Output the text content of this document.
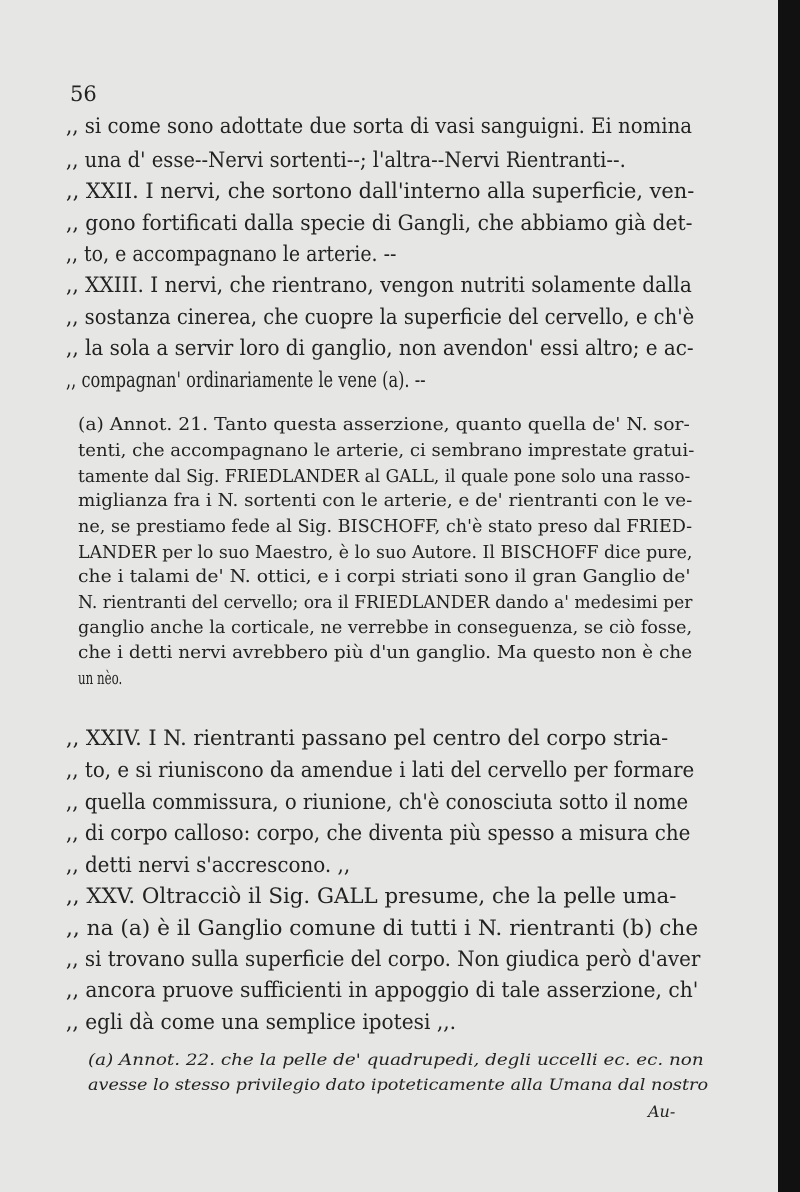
56
,, si come sono adottate due sorta di vasi sanguigni. Ei nomina
,, una d' esse--Nervi sortenti--; l'altra--Nervi Rientranti--.
,, XXII. I nervi, che sortono dall'interno alla superficie, ven-
,, gono fortificati dalla specie di Gangli, che abbiamo già det-
,, to, e accompagnano le arterie. --
,, XXIII. I nervi, che rientrano, vengon nutriti solamente dalla
,, sostanza cinerea, che cuopre la superficie del cervello, e ch'è
,, la sola a servir loro di ganglio, non avendon' essi altro; e ac-
,, compagnan' ordinariamente le vene (a). --
(a) Annot. 21. Tanto questa asserzione, quanto quella de' N. sor-
tenti, che accompagnano le arterie, ci sembrano imprestate gratui-
tamente dal Sig. FRIEDLANDER al GALL, il quale pone solo una rasso-
miglianza fra i N. sortenti con le arterie, e de' rientranti con le ve-
ne, se prestiamo fede al Sig. BISCHOFF, ch'è stato preso dal FRIED-
LANDER per lo suo Maestro, è lo suo Autore. Il BISCHOFF dice pure,
che i talami de' N. ottici, e i corpi striati sono il gran Ganglio de'
N. rientranti del cervello; ora il FRIEDLANDER dando a' medesimi per
ganglio anche la corticale, ne verrebbe in conseguenza, se ciò fosse,
che i detti nervi avrebbero più d'un ganglio. Ma questo non è che
un nèo.
,, XXIV. I N. rientranti passano pel centro del corpo stria-
,, to, e si riuniscono da amendue i lati del cervello per formare
,, quella commissura, o riunione, ch'è conosciuta sotto il nome
,, di corpo calloso: corpo, che diventa più spesso a misura che
,, detti nervi s'accrescono. ,,
,, XXV. Oltracciò il Sig. GALL presume, che la pelle uma-
,, na (a) è il Ganglio comune di tutti i N. rientranti (b) che
,, si trovano sulla superficie del corpo. Non giudica però d'aver
,, ancora pruove sufficienti in appoggio di tale asserzione, ch'
,, egli dà come una semplice ipotesi ,,.
(a) Annot. 22. che la pelle de' quadrupedi, degli uccelli ec. ec. non
avesse lo stesso privilegio dato ipoteticamente alla Umana dal nostro
Au-
